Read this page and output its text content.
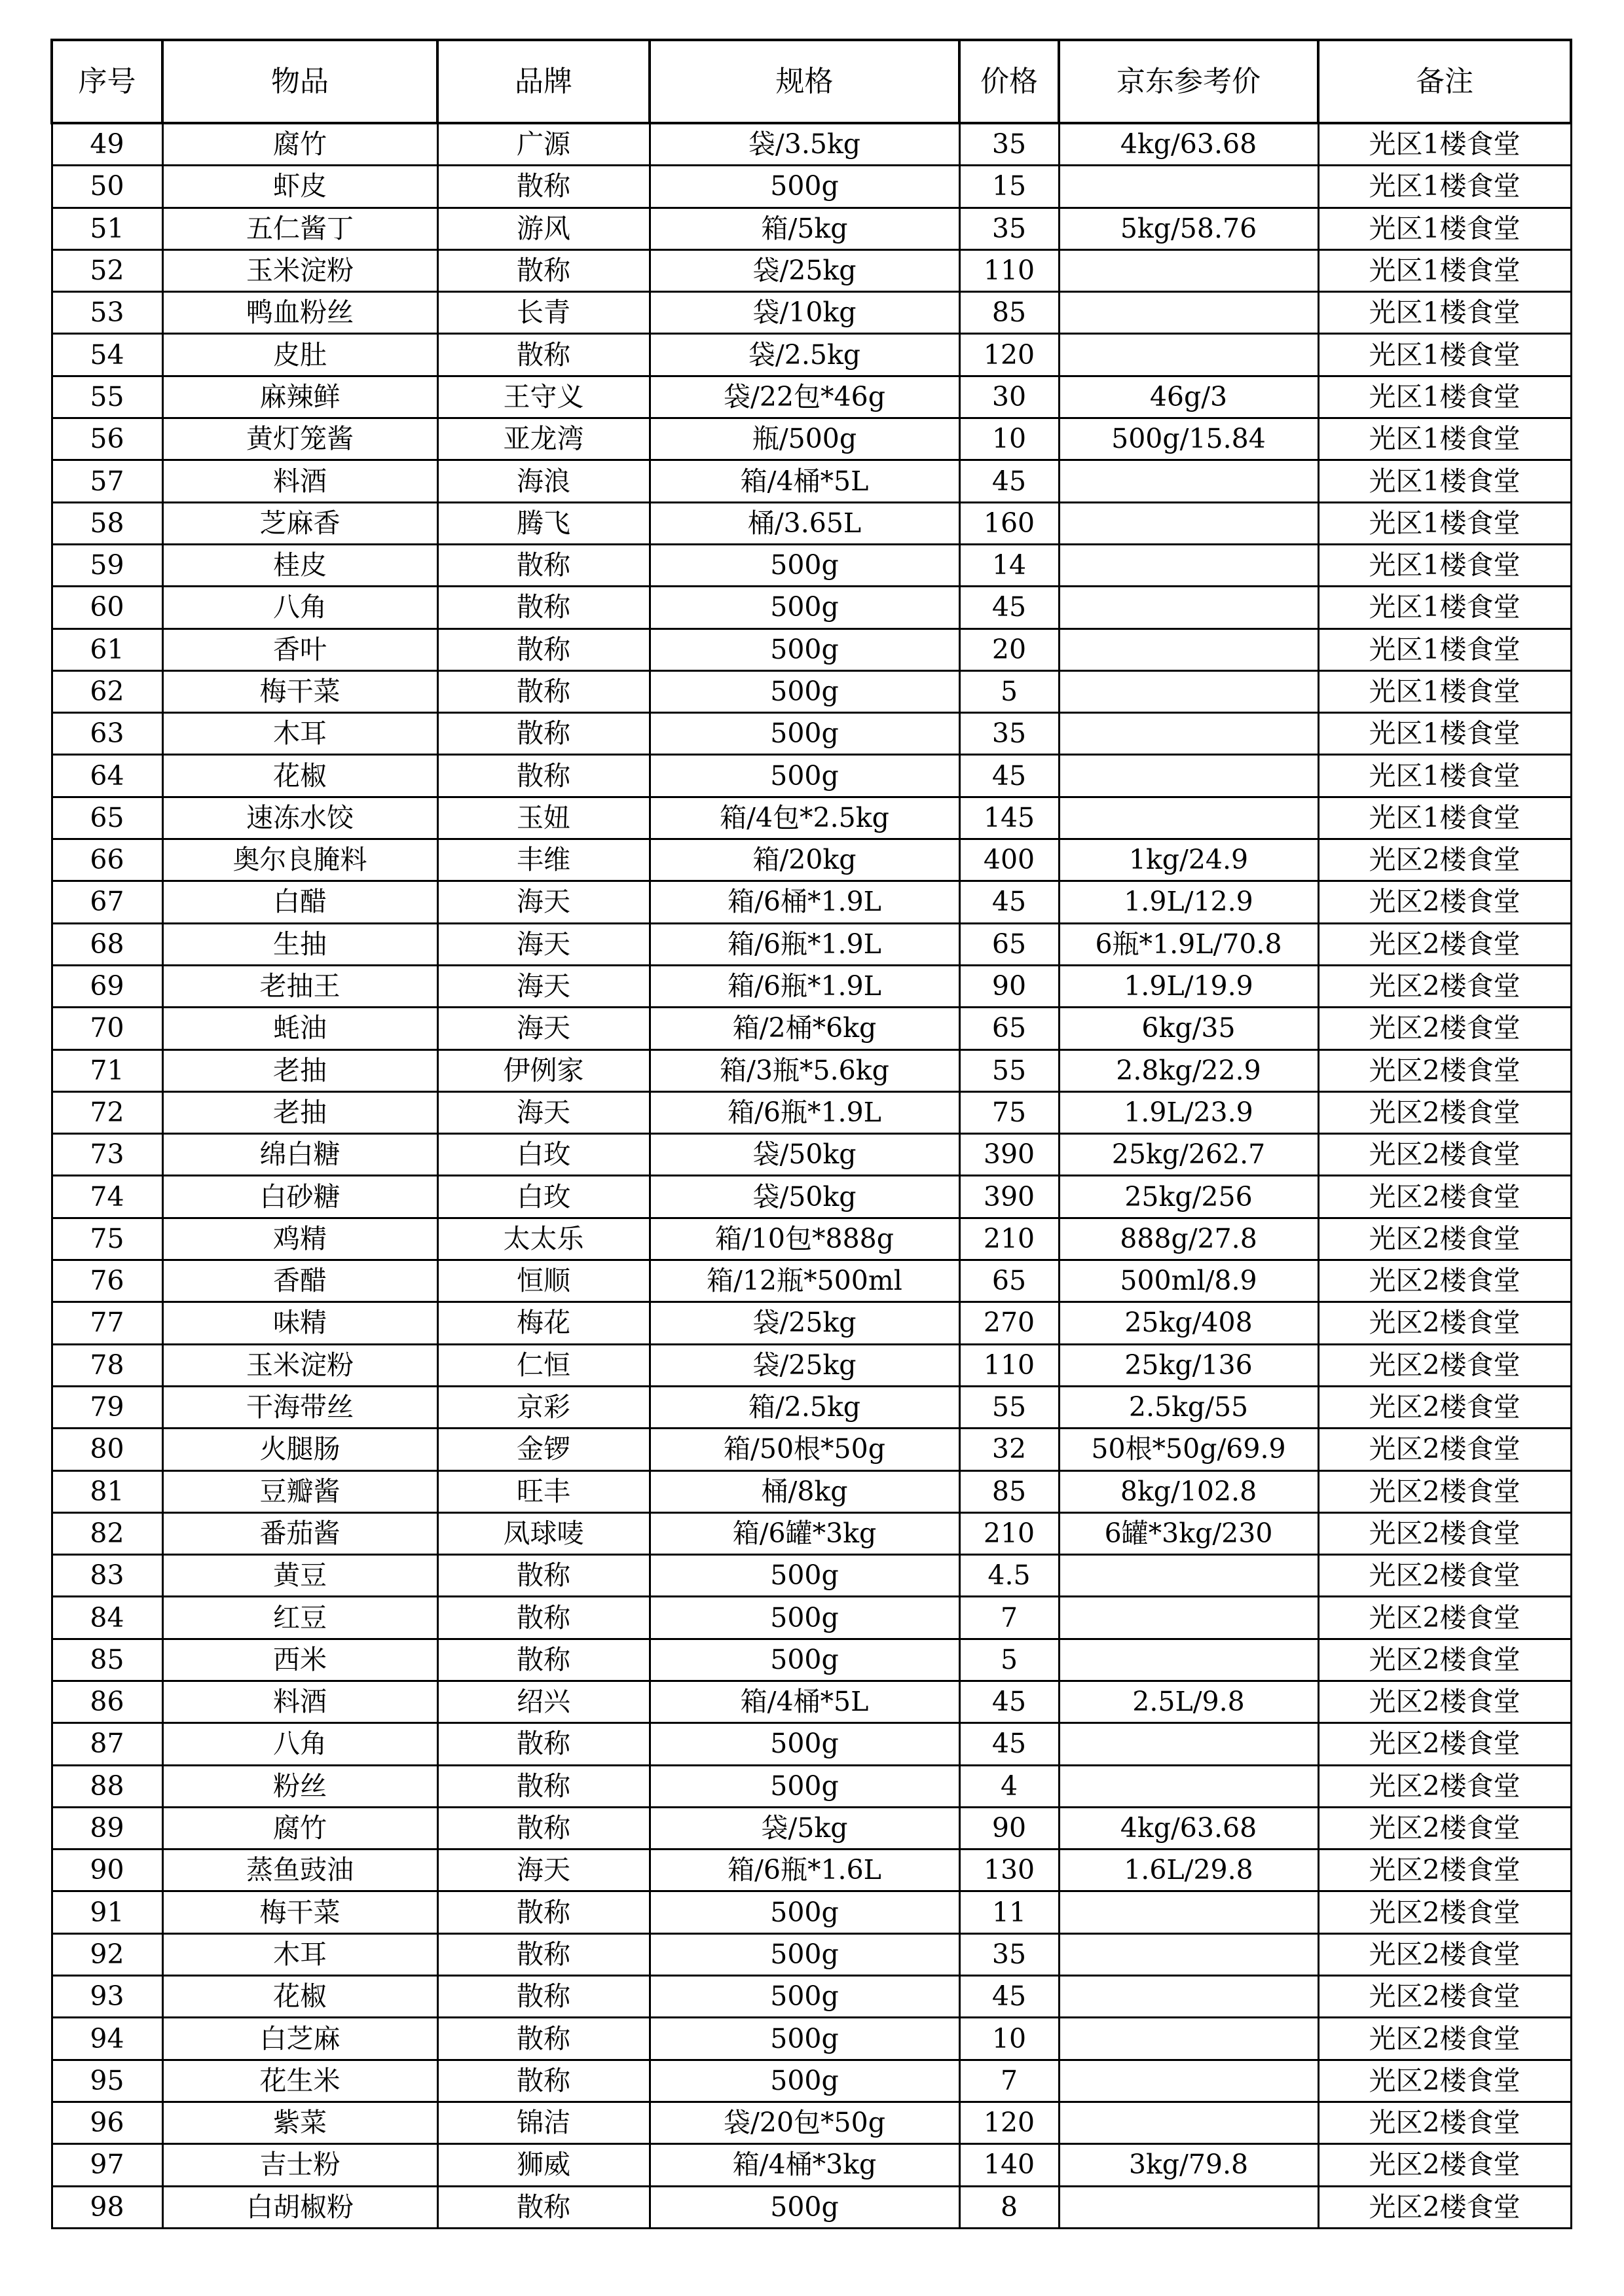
序号	物品	品牌	规格	价格	京东参考价	备注
49	腐竹	广源	袋/3.5kg	35	4kg/63.68	光区1楼食堂
50	虾皮	散称	500g	15		光区1楼食堂
51	五仁酱丁	游风	箱/5kg	35	5kg/58.76	光区1楼食堂
52	玉米淀粉	散称	袋/25kg	110		光区1楼食堂
53	鸭血粉丝	长青	袋/10kg	85		光区1楼食堂
54	皮肚	散称	袋/2.5kg	120		光区1楼食堂
55	麻辣鲜	王守义	袋/22包*46g	30	46g/3	光区1楼食堂
56	黄灯笼酱	亚龙湾	瓶/500g	10	500g/15.84	光区1楼食堂
57	料酒	海浪	箱/4桶*5L	45		光区1楼食堂
58	芝麻香	腾飞	桶/3.65L	160		光区1楼食堂
59	桂皮	散称	500g	14		光区1楼食堂
60	八角	散称	500g	45		光区1楼食堂
61	香叶	散称	500g	20		光区1楼食堂
62	梅干菜	散称	500g	5		光区1楼食堂
63	木耳	散称	500g	35		光区1楼食堂
64	花椒	散称	500g	45		光区1楼食堂
65	速冻水饺	玉妞	箱/4包*2.5kg	145		光区1楼食堂
66	奥尔良腌料	丰维	箱/20kg	400	1kg/24.9	光区2楼食堂
67	白醋	海天	箱/6桶*1.9L	45	1.9L/12.9	光区2楼食堂
68	生抽	海天	箱/6瓶*1.9L	65	6瓶*1.9L/70.8	光区2楼食堂
69	老抽王	海天	箱/6瓶*1.9L	90	1.9L/19.9	光区2楼食堂
70	蚝油	海天	箱/2桶*6kg	65	6kg/35	光区2楼食堂
71	老抽	伊例家	箱/3瓶*5.6kg	55	2.8kg/22.9	光区2楼食堂
72	老抽	海天	箱/6瓶*1.9L	75	1.9L/23.9	光区2楼食堂
73	绵白糖	白玫	袋/50kg	390	25kg/262.7	光区2楼食堂
74	白砂糖	白玫	袋/50kg	390	25kg/256	光区2楼食堂
75	鸡精	太太乐	箱/10包*888g	210	888g/27.8	光区2楼食堂
76	香醋	恒顺	箱/12瓶*500ml	65	500ml/8.9	光区2楼食堂
77	味精	梅花	袋/25kg	270	25kg/408	光区2楼食堂
78	玉米淀粉	仁恒	袋/25kg	110	25kg/136	光区2楼食堂
79	干海带丝	京彩	箱/2.5kg	55	2.5kg/55	光区2楼食堂
80	火腿肠	金锣	箱/50根*50g	32	50根*50g/69.9	光区2楼食堂
81	豆瓣酱	旺丰	桶/8kg	85	8kg/102.8	光区2楼食堂
82	番茄酱	凤球唛	箱/6罐*3kg	210	6罐*3kg/230	光区2楼食堂
83	黄豆	散称	500g	4.5		光区2楼食堂
84	红豆	散称	500g	7		光区2楼食堂
85	西米	散称	500g	5		光区2楼食堂
86	料酒	绍兴	箱/4桶*5L	45	2.5L/9.8	光区2楼食堂
87	八角	散称	500g	45		光区2楼食堂
88	粉丝	散称	500g	4		光区2楼食堂
89	腐竹	散称	袋/5kg	90	4kg/63.68	光区2楼食堂
90	蒸鱼豉油	海天	箱/6瓶*1.6L	130	1.6L/29.8	光区2楼食堂
91	梅干菜	散称	500g	11		光区2楼食堂
92	木耳	散称	500g	35		光区2楼食堂
93	花椒	散称	500g	45		光区2楼食堂
94	白芝麻	散称	500g	10		光区2楼食堂
95	花生米	散称	500g	7		光区2楼食堂
96	紫菜	锦洁	袋/20包*50g	120		光区2楼食堂
97	吉士粉	狮威	箱/4桶*3kg	140	3kg/79.8	光区2楼食堂
98	白胡椒粉	散称	500g	8		光区2楼食堂
